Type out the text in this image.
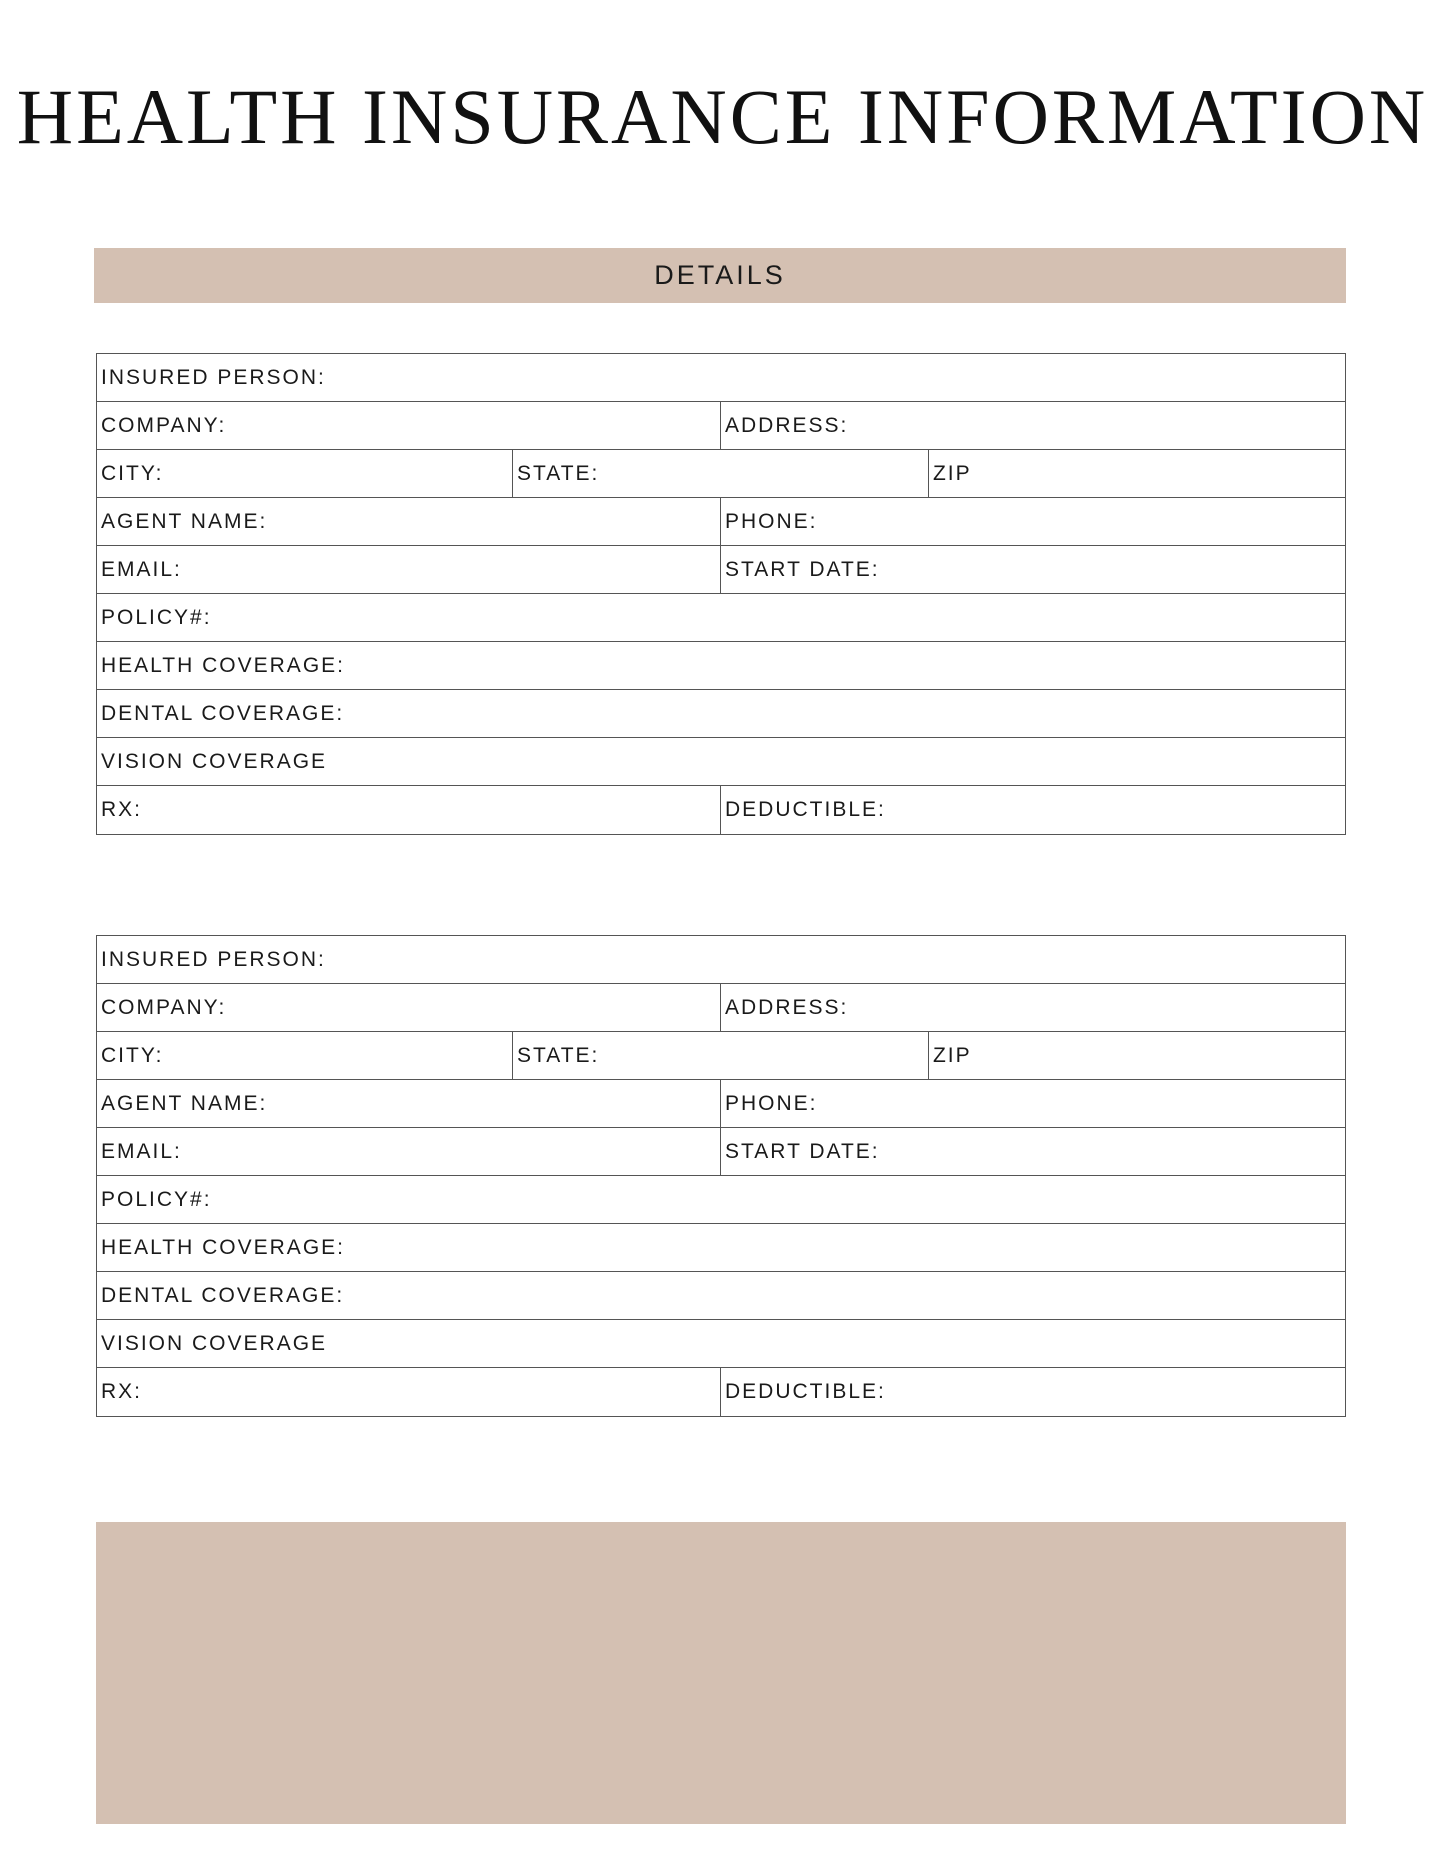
HEALTH INSURANCE INFORMATION
DETAILS
INSURED PERSON:
COMPANY:	ADDRESS:
CITY:	STATE:	ZIP
AGENT NAME:	PHONE:
EMAIL:	START DATE:
POLICY#:
HEALTH COVERAGE:
DENTAL COVERAGE:
VISION COVERAGE
RX:	DEDUCTIBLE:
INSURED PERSON:
COMPANY:	ADDRESS:
CITY:	STATE:	ZIP
AGENT NAME:	PHONE:
EMAIL:	START DATE:
POLICY#:
HEALTH COVERAGE:
DENTAL COVERAGE:
VISION COVERAGE
RX:	DEDUCTIBLE:
